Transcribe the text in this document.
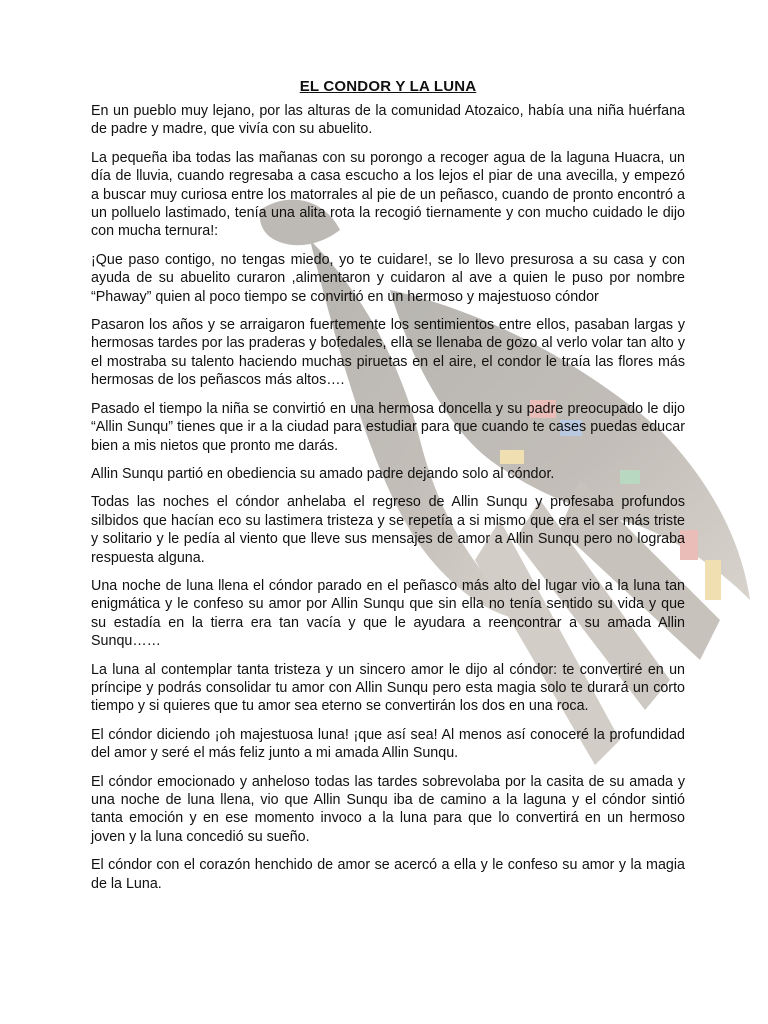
EL CONDOR Y LA LUNA

En un pueblo muy lejano, por las alturas de la comunidad Atozaico, había una niña huérfana de padre y madre, que vivía con su abuelito.

La pequeña iba todas las mañanas con su porongo a recoger agua de la laguna Huacra, un día de lluvia, cuando regresaba a casa escucho a los lejos el piar de una avecilla, y empezó a buscar muy curiosa entre los matorrales al pie de un peñasco, cuando de pronto encontró a un polluelo lastimado, tenía una alita rota la recogió tiernamente y con mucho cuidado le dijo con mucha ternura!:

¡Que paso contigo, no tengas miedo, yo te cuidare!, se lo llevo presurosa a su casa y con ayuda de su abuelito curaron ,alimentaron y cuidaron al ave a quien le puso por nombre “Phaway” quien al poco tiempo se convirtió en un hermoso y majestuoso cóndor

Pasaron los años y se arraigaron fuertemente los sentimientos entre ellos, pasaban largas y hermosas tardes por las praderas y bofedales, ella se llenaba de gozo al verlo volar tan alto y el mostraba su talento haciendo muchas piruetas en el aire, el condor le traía las flores más hermosas de los peñascos más altos….

Pasado el tiempo la niña se convirtió en una hermosa doncella y su padre preocupado le dijo “Allin Sunqu” tienes que ir a la ciudad para estudiar para que cuando te cases puedas educar bien a mis nietos que pronto me darás.

Allin Sunqu partió en obediencia su amado padre dejando solo al cóndor.

Todas las noches el cóndor anhelaba el regreso de Allin Sunqu y profesaba profundos silbidos que hacían eco su lastimera tristeza y se repetía a si mismo que era el ser más triste y solitario y le pedía al viento que lleve sus mensajes de amor a Allin Sunqu pero no lograba respuesta alguna.

Una noche de luna llena el cóndor parado en el peñasco más alto del lugar vio a la luna tan enigmática y le confeso su amor por Allin Sunqu que sin ella no tenía sentido su vida y que su estadía en la tierra era tan vacía y que le ayudara a reencontrar a su amada Allin Sunqu……

La luna al contemplar tanta tristeza y un sincero amor le dijo al cóndor: te convertiré en un príncipe y podrás consolidar tu amor con Allin Sunqu pero esta magia solo te durará un corto tiempo y si quieres que tu amor sea eterno se convertirán los dos en una roca.

El cóndor diciendo ¡oh majestuosa luna! ¡que así sea! Al menos así conoceré la profundidad del amor y seré el más feliz junto a mi amada Allin Sunqu.

El cóndor emocionado y anheloso todas las tardes sobrevolaba por la casita de su amada y una noche de luna llena, vio que Allin Sunqu iba de camino a la laguna y el cóndor sintió tanta emoción y en ese momento invoco a la luna para que lo convertirá en un hermoso joven y la luna concedió su sueño.

El cóndor con el corazón henchido de amor se acercó a ella y le confeso su amor y la magia de la Luna.
